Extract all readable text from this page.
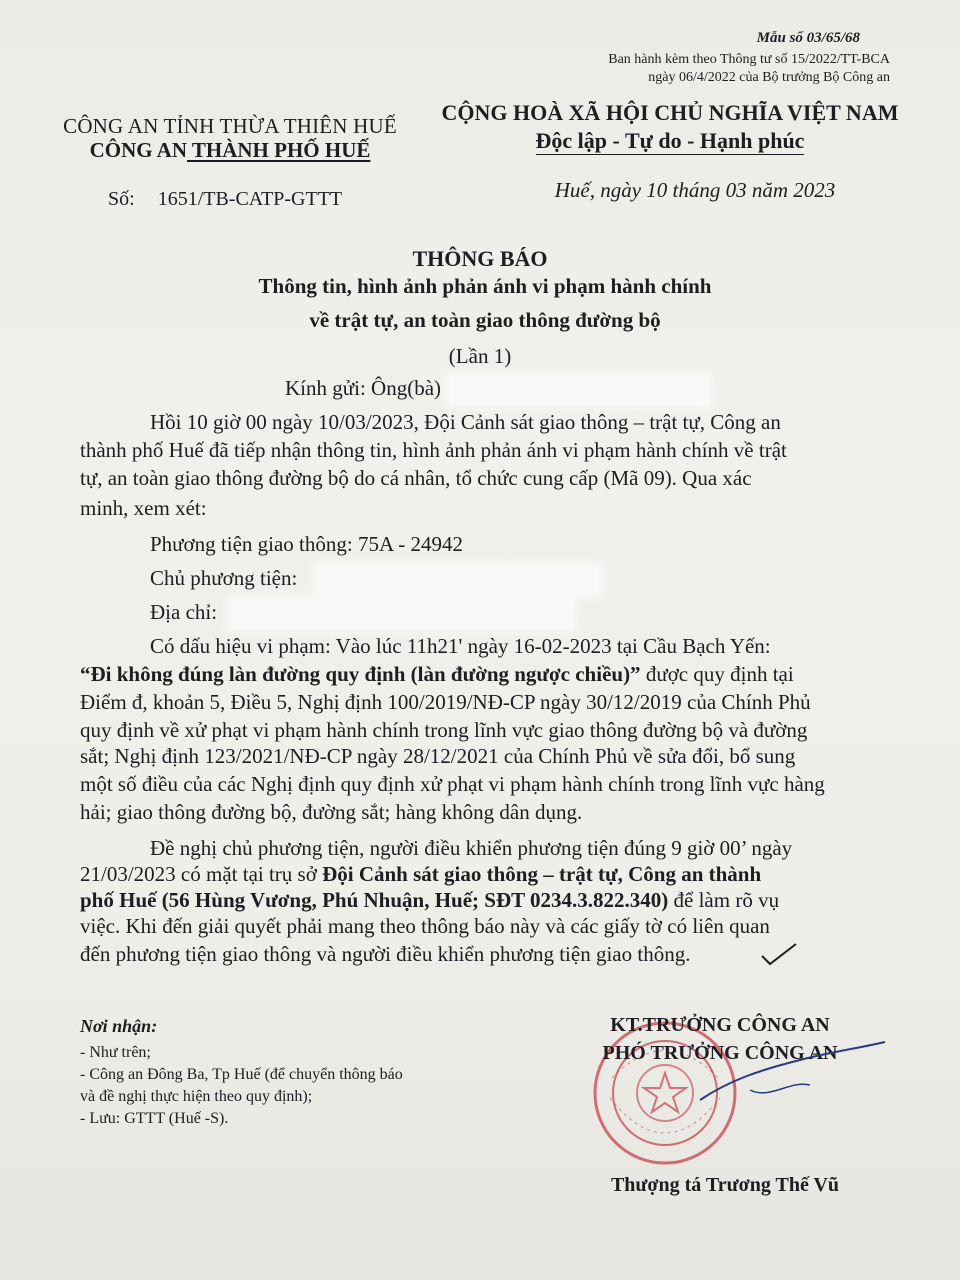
Mẫu số 03/65/68
Ban hành kèm theo Thông tư số 15/2022/TT-BCA
ngày 06/4/2022 của Bộ trưởng Bộ Công an
CÔNG AN TỈNH THỪA THIÊN HUẾ
CÔNG AN THÀNH PHỐ HUẾ
Số: 1651/TB-CATP-GTTT
CỘNG HOÀ XÃ HỘI CHỦ NGHĨA VIỆT NAM
Độc lập - Tự do - Hạnh phúc
Huế, ngày 10 tháng 03 năm 2023
THÔNG BÁO
Thông tin, hình ảnh phản ánh vi phạm hành chính
về trật tự, an toàn giao thông đường bộ
(Lần 1)
Kính gửi: Ông(bà)
Hồi 10 giờ 00 ngày 10/03/2023, Đội Cảnh sát giao thông – trật tự, Công an
thành phố Huế đã tiếp nhận thông tin, hình ảnh phản ánh vi phạm hành chính về trật
tự, an toàn giao thông đường bộ do cá nhân, tổ chức cung cấp (Mã 09). Qua xác
minh, xem xét:
Phương tiện giao thông: 75A - 24942
Chủ phương tiện:
Địa chỉ:
Có dấu hiệu vi phạm: Vào lúc 11h21' ngày 16-02-2023 tại Cầu Bạch Yến:
“Đi không đúng làn đường quy định (làn đường ngược chiều)” được quy định tại
Điểm đ, khoản 5, Điều 5, Nghị định 100/2019/NĐ-CP ngày 30/12/2019 của Chính Phủ
quy định về xử phạt vi phạm hành chính trong lĩnh vực giao thông đường bộ và đường
sắt; Nghị định 123/2021/NĐ-CP ngày 28/12/2021 của Chính Phủ về sửa đổi, bổ sung
một số điều của các Nghị định quy định xử phạt vi phạm hành chính trong lĩnh vực hàng
hải; giao thông đường bộ, đường sắt; hàng không dân dụng.
Đề nghị chủ phương tiện, người điều khiển phương tiện đúng 9 giờ 00’ ngày
21/03/2023 có mặt tại trụ sở Đội Cảnh sát giao thông – trật tự, Công an thành
phố Huế (56 Hùng Vương, Phú Nhuận, Huế; SĐT 0234.3.822.340) để làm rõ vụ
việc. Khi đến giải quyết phải mang theo thông báo này và các giấy tờ có liên quan
đến phương tiện giao thông và người điều khiển phương tiện giao thông.
Nơi nhận:
- Như trên;
- Công an Đông Ba, Tp Huế (để chuyển thông báo
và đề nghị thực hiện theo quy định);
- Lưu: GTTT (Huế -S).
KT.TRƯỞNG CÔNG AN
PHÓ TRƯỞNG CÔNG AN
Thượng tá Trương Thế Vũ
